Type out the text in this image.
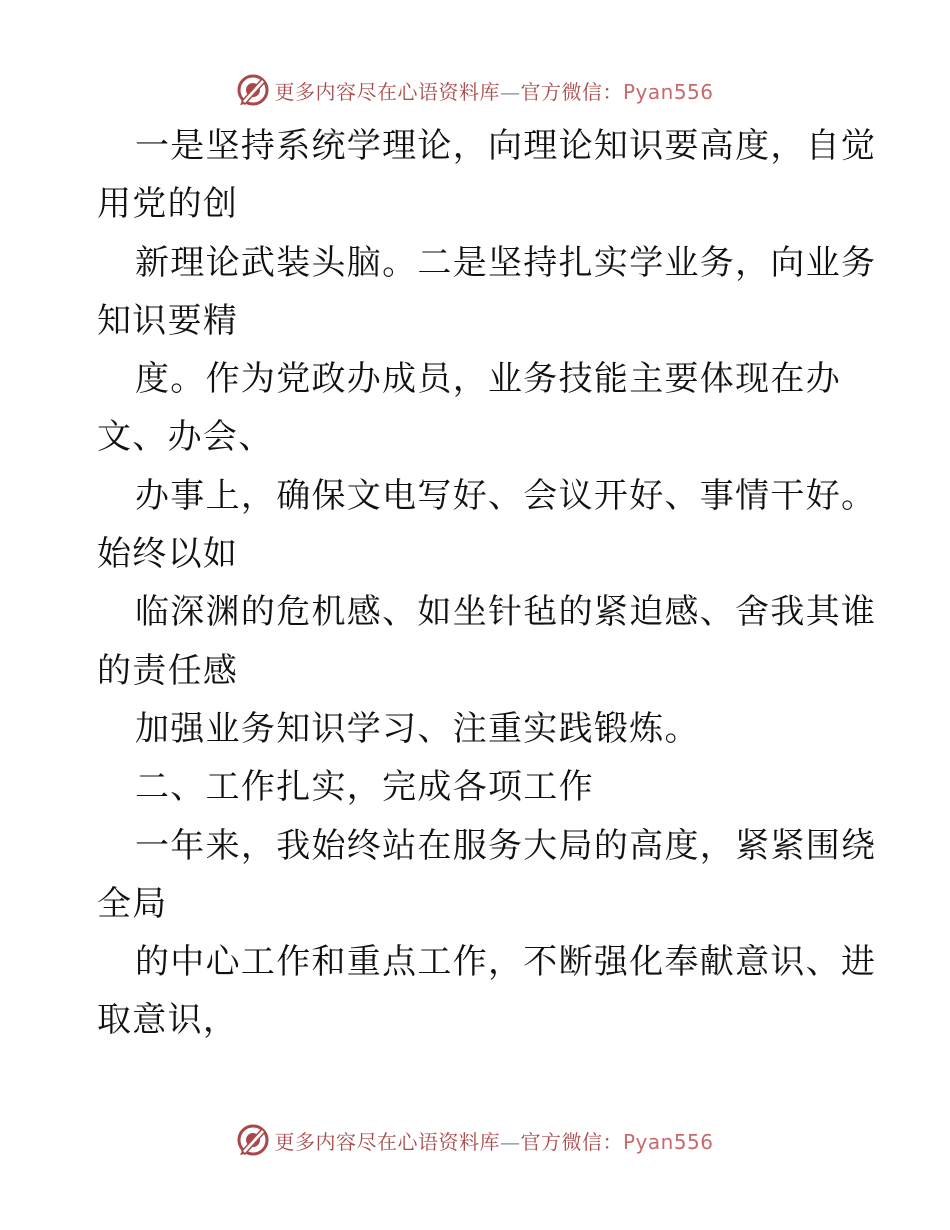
更多内容尽在心语资料库—官方微信：Pyan556
一是坚持系统学理论，向理论知识要高度，自觉
用党的创
新理论武装头脑。二是坚持扎实学业务，向业务
知识要精
度。作为党政办成员，业务技能主要体现在办
文、办会、
办事上，确保文电写好、会议开好、事情干好。
始终以如
临深渊的危机感、如坐针毡的紧迫感、舍我其谁
的责任感
加强业务知识学习、注重实践锻炼。
二、工作扎实，完成各项工作
一年来，我始终站在服务大局的高度，紧紧围绕
全局
的中心工作和重点工作，不断强化奉献意识、进
取意识，
更多内容尽在心语资料库—官方微信：Pyan556
